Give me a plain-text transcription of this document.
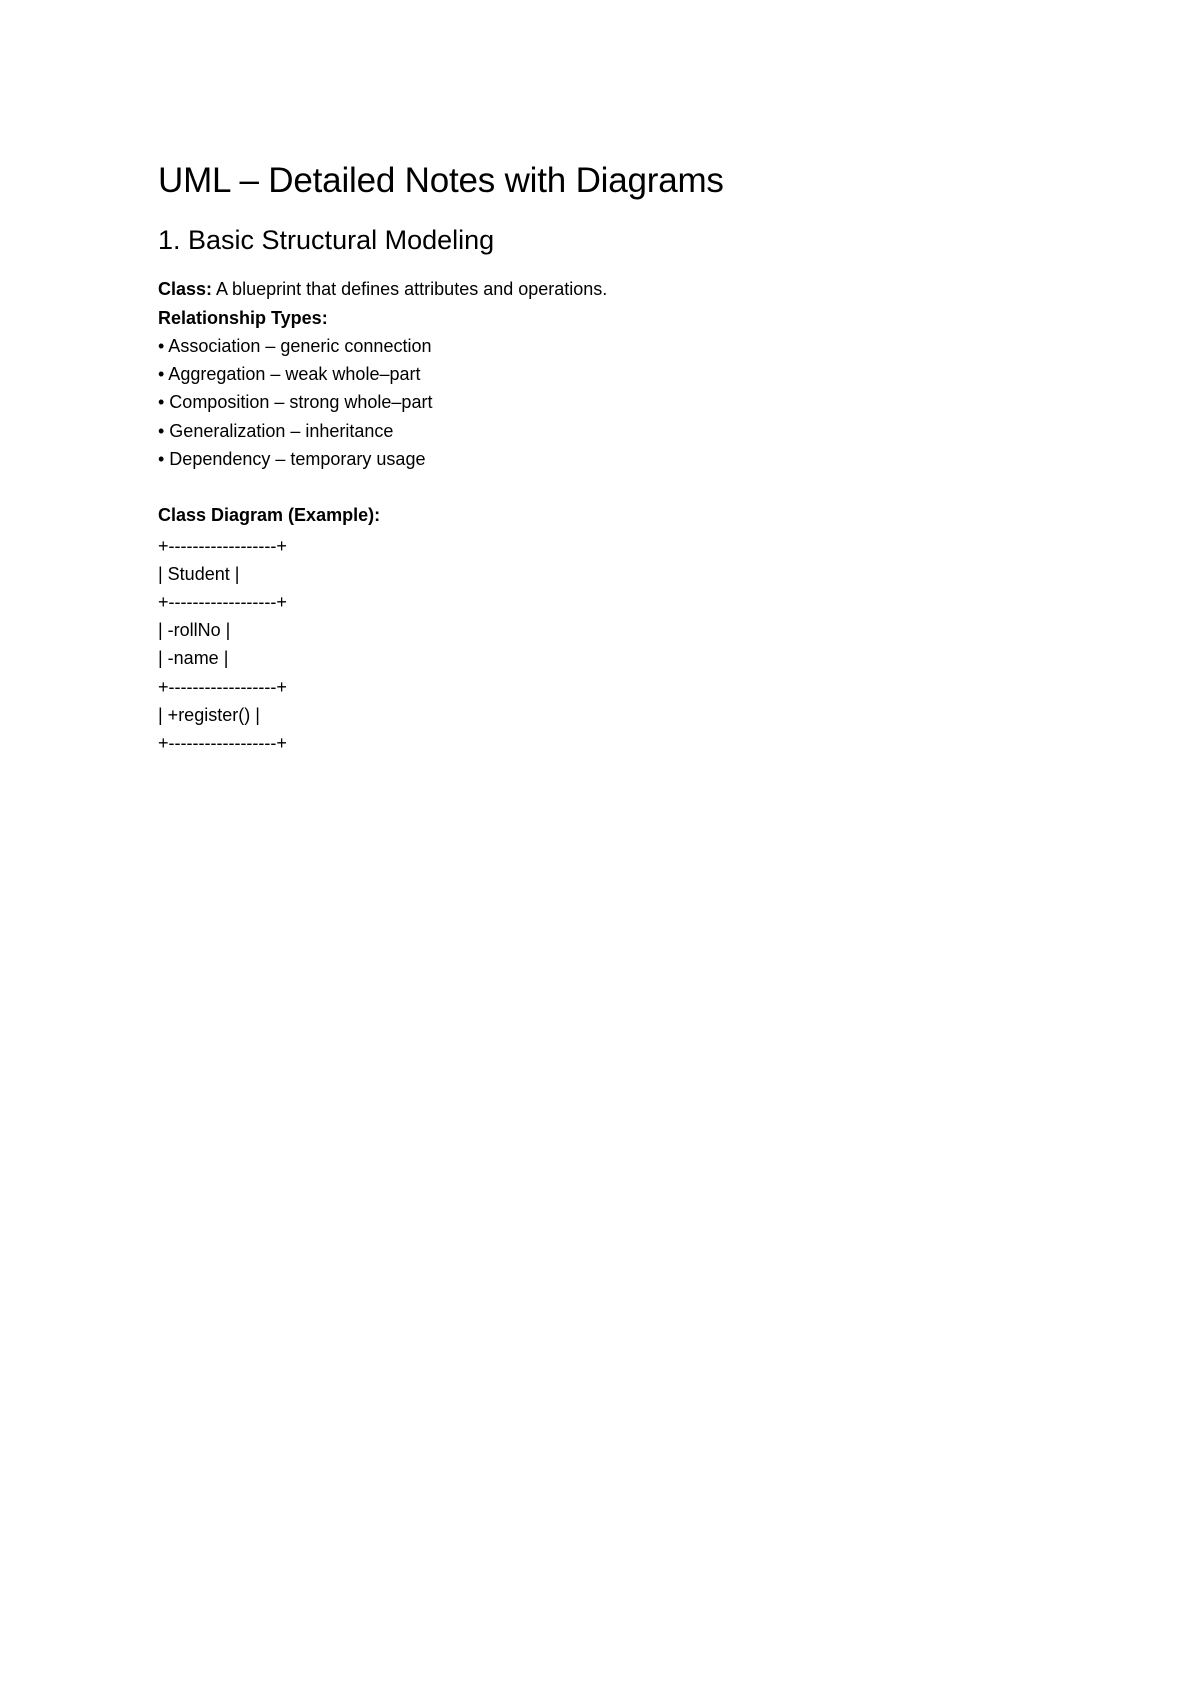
UML – Detailed Notes with Diagrams
1. Basic Structural Modeling

Class: A blueprint that defines attributes and operations.

Relationship Types:

• Association – generic connection
• Aggregation – weak whole–part
• Composition – strong whole–part
• Generalization – inheritance
• Dependency – temporary usage

Class Diagram (Example):

+------------------+

| Student |

+------------------+

| -rollNo |

| -name |

+------------------+

| +register() |

+------------------+
